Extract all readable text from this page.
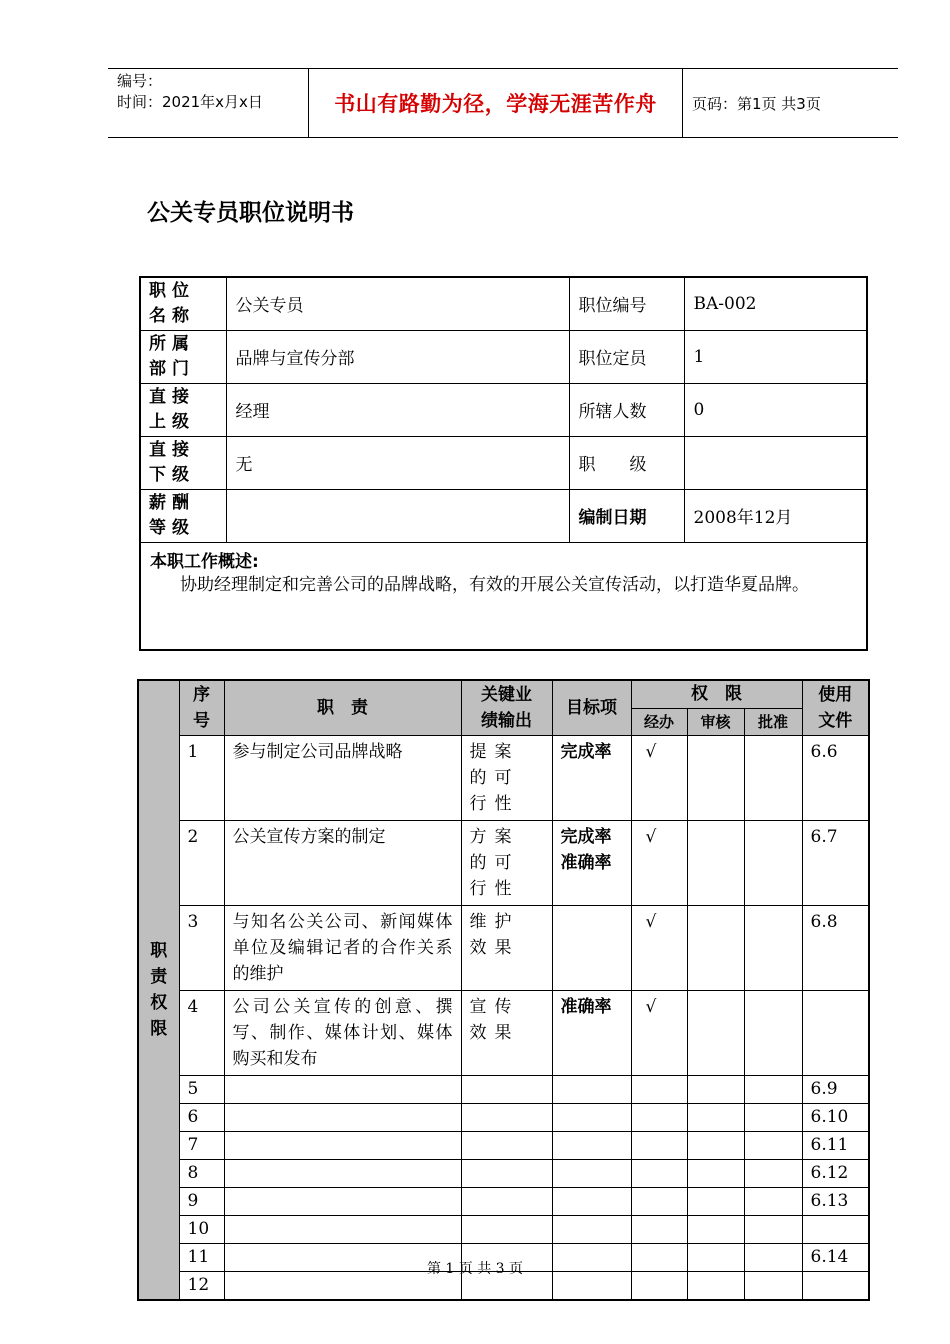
编号：
时间：2021年x月x日	书山有路勤为径，学海无涯苦作舟	页码：第1页 共3页
公关专员职位说明书
职位名称	公关专员	职位编号	BA-002
所属部门	品牌与宣传分部	职位定员	1
直接上级	经理	所辖人数	0
直接下级	无	职　　级	
薪酬等级		编制日期	2008年12月

本职工作概述:
协助经理制定和完善公司的品牌战略，有效的开展公关宣传活动，以打造华夏品牌。			
职责权限	序号	职　责	关键业绩输出	目标项	权　限			使用文件

					经办	审核	批准	
	1	参与制定公司品牌战略	提案的可行性	完成率	√			6.6
	2	公关宣传方案的制定	方案的可行性	完成率准确率	√			6.7
	3	与知名公关公司、新闻媒体单位及编辑记者的合作关系的维护	维护效果		√			6.8
	4	公司公关宣传的创意、撰写、制作、媒体计划、媒体购买和发布	宣传效果	准确率	√			
	5							6.9
	6							6.10
	7							6.11
	8							6.12
	9							6.13
	10		

	11							6.14
	12		

第 1 页 共 3 页
